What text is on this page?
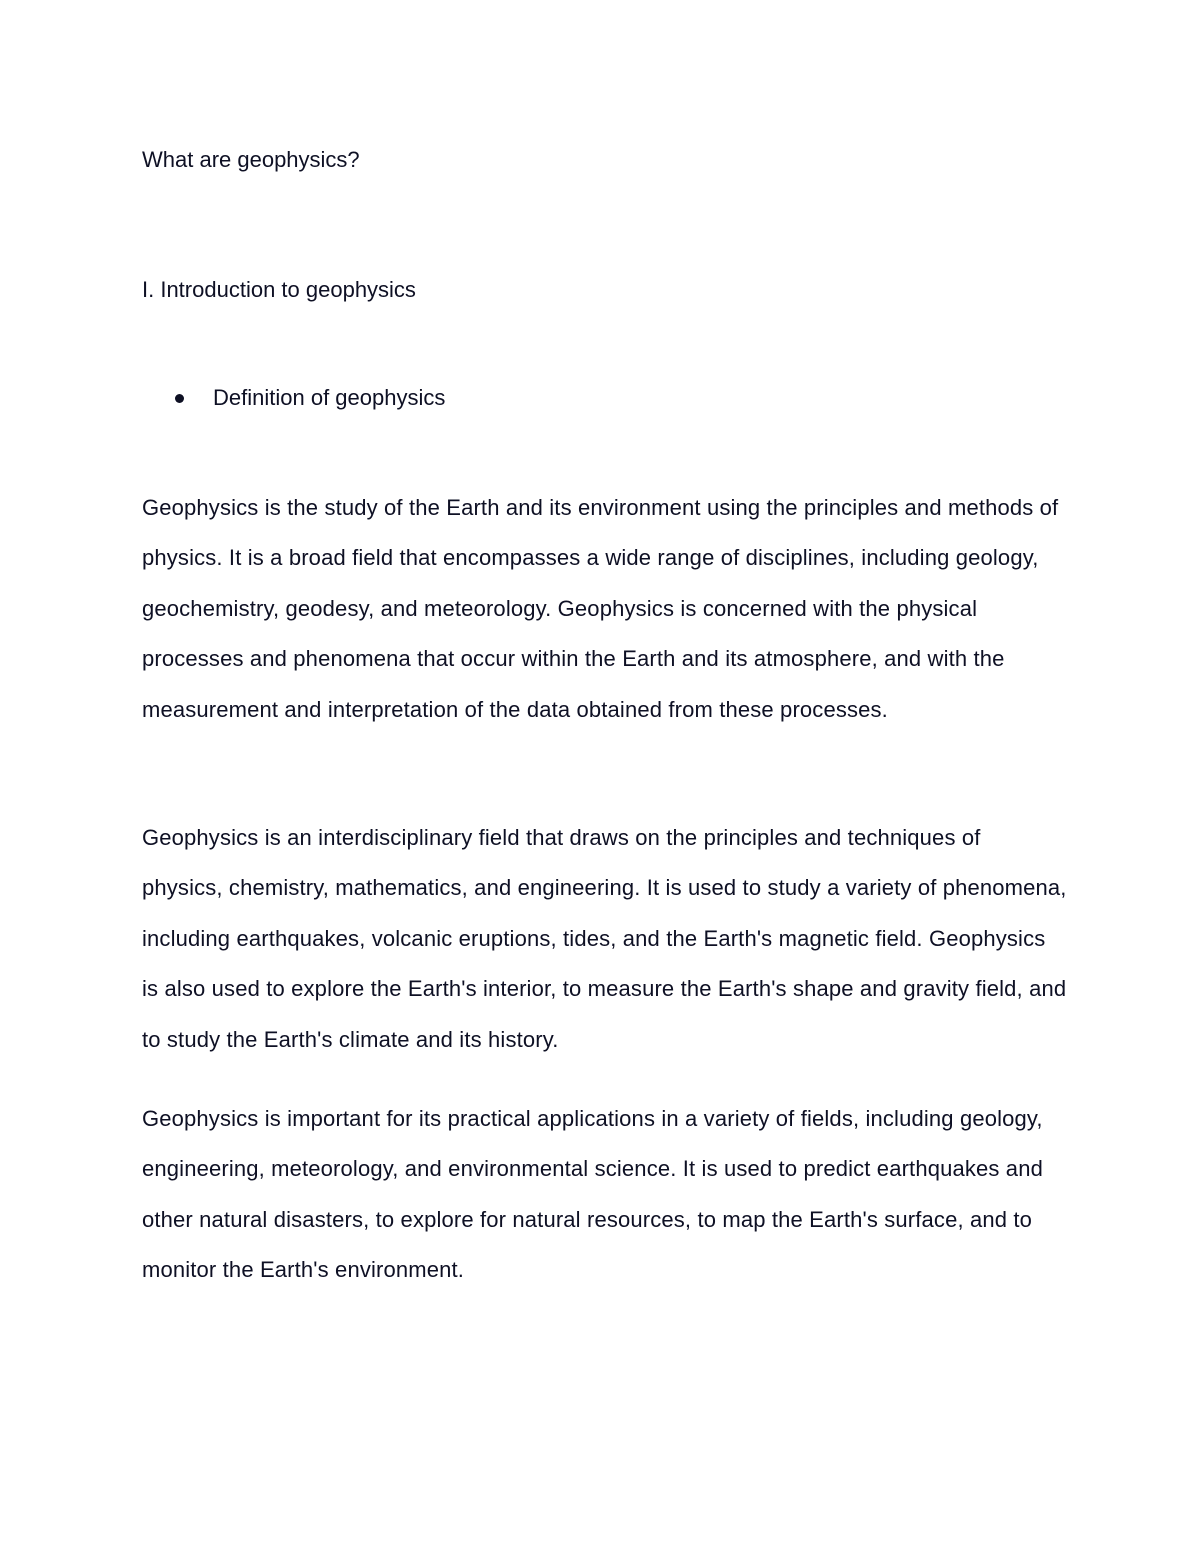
What are geophysics?
I. Introduction to geophysics
Definition of geophysics

Geophysics is the study of the Earth and its environment using the principles and methods of physics. It is a broad field that encompasses a wide range of disciplines, including geology, geochemistry, geodesy, and meteorology. Geophysics is concerned with the physical processes and phenomena that occur within the Earth and its atmosphere, and with the measurement and interpretation of the data obtained from these processes.

Geophysics is an interdisciplinary field that draws on the principles and techniques of physics, chemistry, mathematics, and engineering. It is used to study a variety of phenomena, including earthquakes, volcanic eruptions, tides, and the Earth's magnetic field. Geophysics is also used to explore the Earth's interior, to measure the Earth's shape and gravity field, and to study the Earth's climate and its history.

Geophysics is important for its practical applications in a variety of fields, including geology, engineering, meteorology, and environmental science. It is used to predict earthquakes and other natural disasters, to explore for natural resources, to map the Earth's surface, and to monitor the Earth's environment.
